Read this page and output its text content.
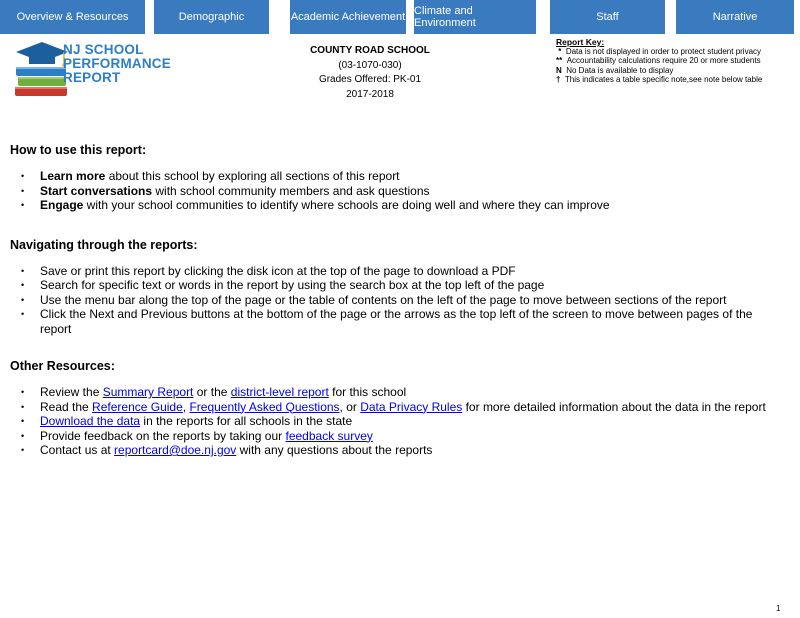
Overview & Resources	Demographic	Academic Achievement Climate and Environment	Staff	Narrative
NJ SCHOOL
PERFORMANCE
REPORT
COUNTY ROAD SCHOOL
(03-1070-030)
Grades Offered: PK-01
2017-2018
Report Key:
* Data is not displayed in order to protect student privacy
** Accountability calculations require 20 or more students
N No Data is available to display
† This indicates a table specific note,see note below table
How to use this report:
• Learn more about this school by exploring all sections of this report
• Start conversations with school community members and ask questions
• Engage with your school communities to identify where schools are doing well and where they can improve
Navigating through the reports:
• Save or print this report by clicking the disk icon at the top of the page to download a PDF
• Search for specific text or words in the report by using the search box at the top left of the page
• Use the menu bar along the top of the page or the table of contents on the left of the page to move between sections of the report
• Click the Next and Previous buttons at the bottom of the page or the arrows as the top left of the screen to move between pages of the report
Other Resources:
• Review the Summary Report or the district-level report for this school
• Read the Reference Guide, Frequently Asked Questions, or Data Privacy Rules for more detailed information about the data in the report
• Download the data in the reports for all schools in the state
• Provide feedback on the reports by taking our feedback survey
• Contact us at reportcard@doe.nj.gov with any questions about the reports
1
